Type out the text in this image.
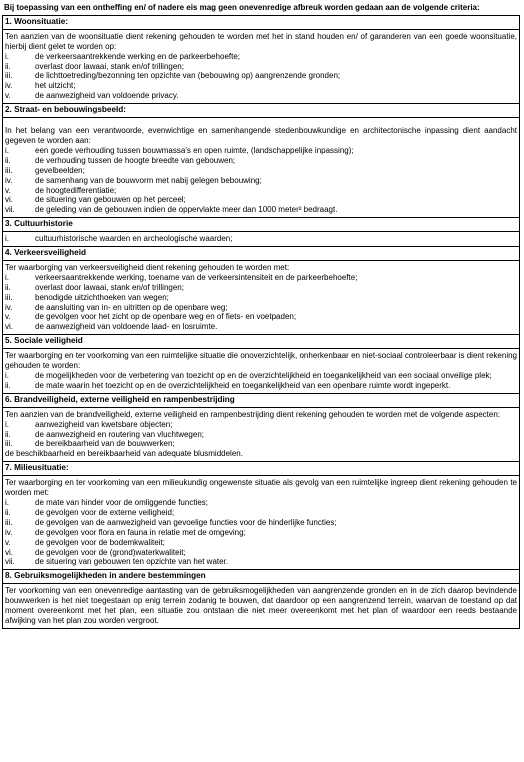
Bij toepassing van een ontheffing en/ of nadere eis mag geen onevenredige afbreuk worden gedaan aan de volgende criteria:
1. Woonsituatie:
Ten aanzien van de woonsituatie dient rekening gehouden te worden met het in stand houden en/ of garanderen van een goede woonsituatie, hierbij dient gelet te worden op:
i.	de verkeersaantrekkende werking en de parkeerbehoefte;
ii.	overlast door lawaai, stank en/of trillingen;
iii.	de lichttoetreding/bezonning ten opzichte van (bebouwing op) aangrenzende gronden;
iv.	het uitzicht;
v.	de aanwezigheid van voldoende privacy.
2. Straat- en bebouwingsbeeld:
In het belang van een verantwoorde, evenwichtige en samenhangende stedenbouwkundige en architectonische inpassing dient aandacht gegeven te worden aan:
i.	een goede verhouding tussen bouwmassa's en open ruimte, (landschappelijke inpassing);
ii.	de verhouding tussen de hoogte breedte van gebouwen;
iii.	gevelbeelden;
iv.	de samenhang van de bouwvorm met nabij gelegen bebouwing;
v.	de hoogtedifferentiatie;
vi.	de situering van gebouwen op het perceel;
vii.	de geleding van de gebouwen indien de oppervlakte meer dan 1000 meter² bedraagt.
3. Cultuurhistorie
i.	cultuurhistorische waarden en archeologische waarden;
4. Verkeersveiligheid
Ter waarborging van verkeersveiligheid dient rekening gehouden te worden met:
i.	verkeersaantrekkende werking, toename van de verkeersintensiteit en de parkeerbehoefte;
ii.	overlast door lawaai, stank en/of trillingen;
iii.	benodigde uitzichthoeken van wegen;
iv.	de aansluiting van in- en uitritten op de openbare weg;
v.	de gevolgen voor het zicht op de openbare weg en of fiets- en voetpaden;
vi.	de aanwezigheid van voldoende laad- en losruimte.
5. Sociale veiligheid
Ter waarborging en ter voorkoming van een ruimtelijke situatie die onoverzichtelijk, onherkenbaar en niet-sociaal controleerbaar is dient rekening gehouden te worden:
i.	de mogelijkheden voor de verbetering van toezicht op en de overzichtelijkheid en toegankelijkheid van een sociaal onveilige plek;
ii.	de mate waarin het toezicht op en de overzichtelijkheid en toegankelijkheid van een openbare ruimte wordt ingeperkt.
6. Brandveiligheid, externe veiligheid en rampenbestrijding
Ten aanzien van de brandveiligheid, externe veiligheid en rampenbestrijding dient rekening gehouden te worden met de volgende aspecten:
i.	aanwezigheid van kwetsbare objecten;
ii.	de aanwezigheid en routering van vluchtwegen;
iii.	de bereikbaarheid van de bouwwerken;
de beschikbaarheid en bereikbaarheid van adequate blusmiddelen.
7. Milieusituatie:
Ter waarborging en ter voorkoming van een milieukundig ongewenste situatie als gevolg van een ruimtelijke ingreep dient rekening gehouden te worden met:
i.	de mate van hinder voor de omliggende functies;
ii.	de gevolgen voor de externe veiligheid;
iii.	de gevolgen van de aanwezigheid van gevoelige functies voor de hinderlijke functies;
iv.	de gevolgen voor flora en fauna in relatie met de omgeving;
v.	de gevolgen voor de bodemkwaliteit;
vi.	de gevolgen voor de (grond)waterkwaliteit;
vii.	de situering van gebouwen ten opzichte van het water.
8. Gebruiksmogelijkheden in andere bestemmingen
Ter voorkoming van een onevenredige aantasting van de gebruiksmogelijkheden van aangrenzende gronden en in de zich daarop bevindende bouwwerken is het niet toegestaan op enig terrein zodanig te bouwen, dat daardoor op een aangrenzend terrein, waarvan de toestand op dat moment overeenkomt met het plan, een situatie zou ontstaan die niet meer overeenkomt met het plan of waardoor een reeds bestaande afwijking van het plan zou worden vergroot.
